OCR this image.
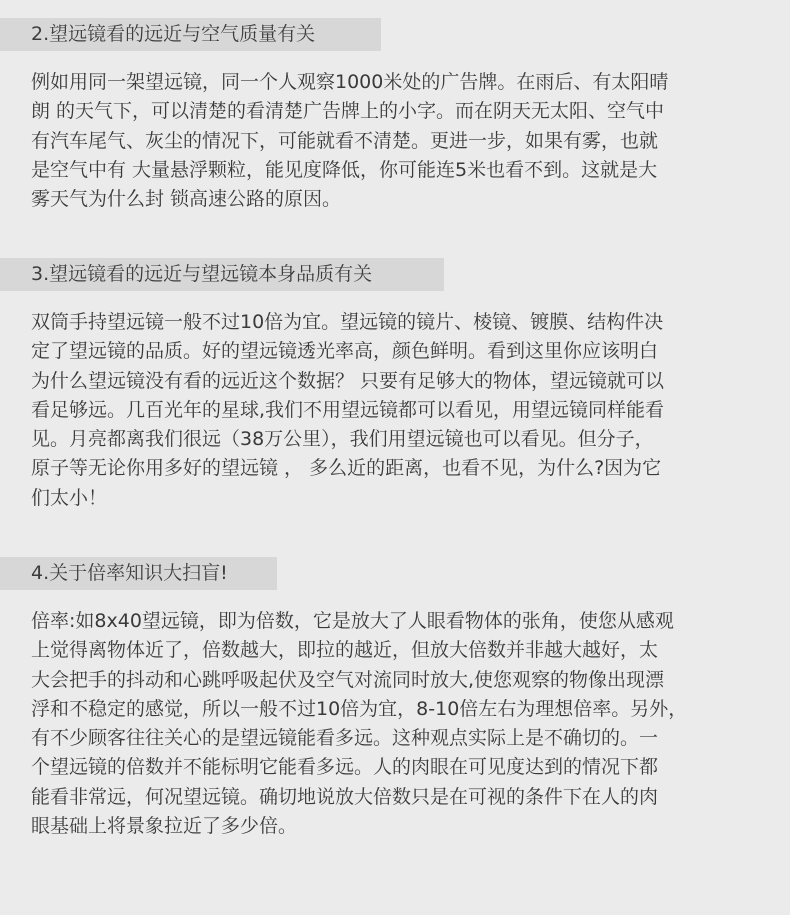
2.望远镜看的远近与空气质量有关
例如用同一架望远镜，同一个人观察1000米处的广告牌。在雨后、有太阳晴
朗 的天气下，可以清楚的看清楚广告牌上的小字。而在阴天无太阳、空气中
有汽车尾气、灰尘的情况下，可能就看不清楚。更进一步，如果有雾，也就
是空气中有 大量悬浮颗粒，能见度降低，你可能连5米也看不到。这就是大
雾天气为什么封 锁高速公路的原因。
3.望远镜看的远近与望远镜本身品质有关
双筒手持望远镜一般不过10倍为宜。望远镜的镜片、棱镜、镀膜、结构件决
定了望远镜的品质。好的望远镜透光率高，颜色鲜明。看到这里你应该明白
为什么望远镜没有看的远近这个数据？ 只要有足够大的物体，望远镜就可以
看足够远。几百光年的星球,我们不用望远镜都可以看见，用望远镜同样能看
见。月亮都离我们很远（38万公里），我们用望远镜也可以看见。但分子，
原子等无论你用多好的望远镜 ， 多么近的距离，也看不见，为什么?因为它
们太小！
4.关于倍率知识大扫盲!
倍率:如8x40望远镜，即为倍数，它是放大了人眼看物体的张角，使您从感观
上觉得离物体近了，倍数越大，即拉的越近，但放大倍数并非越大越好，太
大会把手的抖动和心跳呼吸起伏及空气对流同时放大,使您观察的物像出现漂
浮和不稳定的感觉，所以一般不过10倍为宜，8-10倍左右为理想倍率。另外，
有不少顾客往往关心的是望远镜能看多远。这种观点实际上是不确切的。一
个望远镜的倍数并不能标明它能看多远。人的肉眼在可见度达到的情况下都
能看非常远，何况望远镜。确切地说放大倍数只是在可视的条件下在人的肉
眼基础上将景象拉近了多少倍。
